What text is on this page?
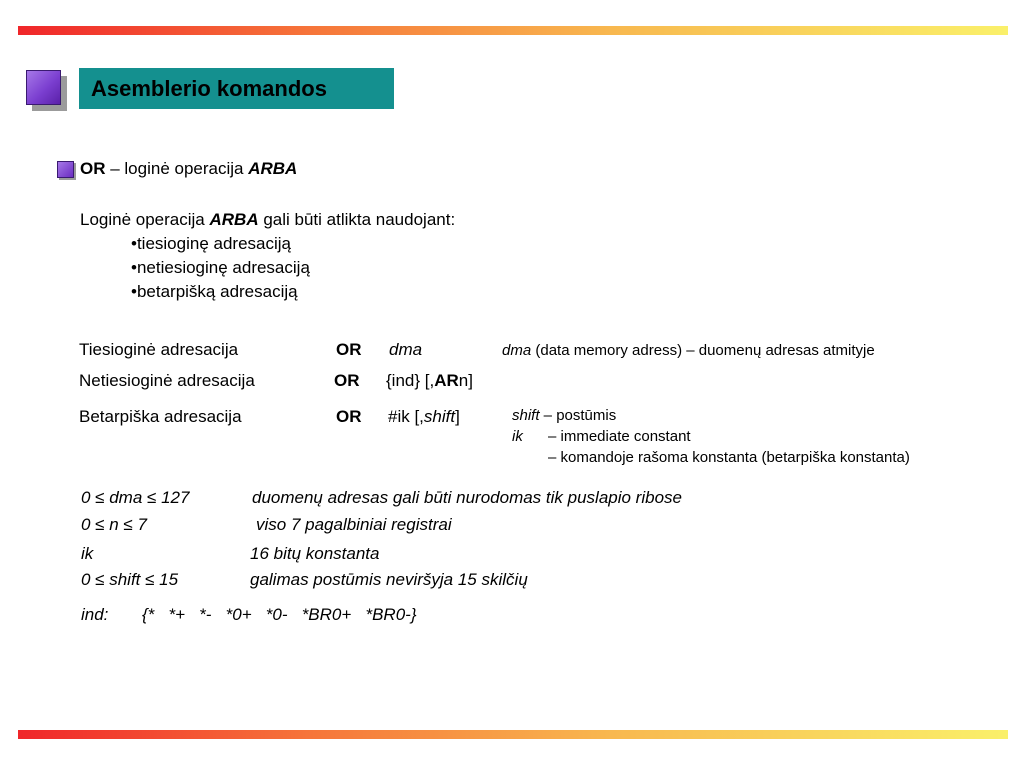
Asemblerio komandos
OR – loginė operacija ARBA
Loginė operacija ARBA gali būti atlikta naudojant:
•tiesioginę adresaciją
•netiesioginę adresaciją
•betarpišką adresaciją
Tiesioginė adresacija	OR dma	dma (data memory adress) – duomenų adresas atmityje
Netiesioginė adresacija	OR {ind} [,ARn]
Betarpiška adresacija	OR #ik [,shift]	shift – postūmis
ik – immediate constant
– komandoje rašoma konstanta (betarpiška konstanta)
0 ≤ dma ≤ 127	duomenų adresas gali būti nurodomas tik puslapio ribose
0 ≤ n ≤ 7	viso 7 pagalbiniai registrai
ik	16 bitų konstanta
0 ≤ shift ≤ 15	galimas postūmis neviršyja 15 skilčių
ind: {*   *+   *-   *0+   *0-   *BR0+   *BR0-}
